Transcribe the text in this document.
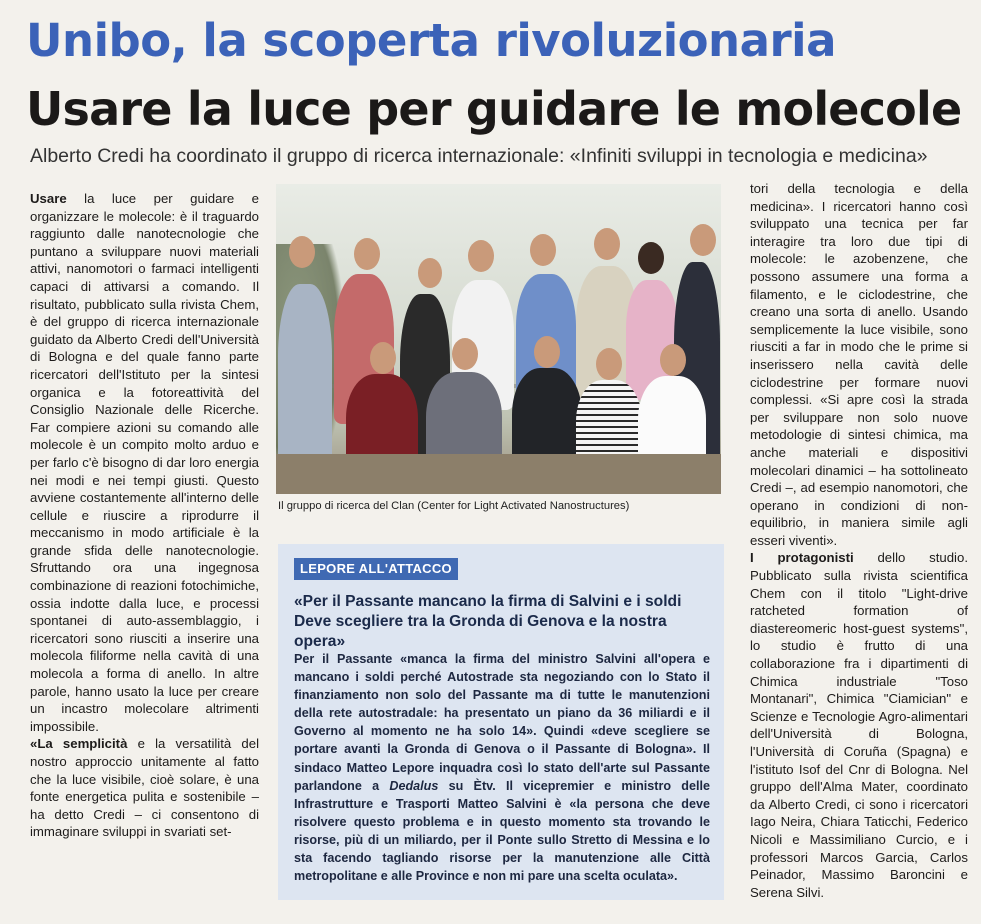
Unibo, la scoperta rivoluzionaria
Usare la luce per guidare le molecole
Alberto Credi ha coordinato il gruppo di ricerca internazionale: «Infiniti sviluppi in tecnologia e medicina»

Usare la luce per guidare e organizzare le molecole: è il traguardo raggiunto dalle nanotecnologie che puntano a sviluppare nuovi materiali attivi, nanomotori o farmaci intelligenti capaci di attivarsi a comando. Il risultato, pubblicato sulla rivista Chem, è del gruppo di ricerca internazionale guidato da Alberto Credi dell'Università di Bologna e del quale fanno parte ricercatori dell'Istituto per la sintesi organica e la fotoreattività del Consiglio Nazionale delle Ricerche. Far compiere azioni su comando alle molecole è un compito molto arduo e per farlo c'è bisogno di dar loro energia nei modi e nei tempi giusti. Questo avviene costantemente all'interno delle cellule e riuscire a riprodurre il meccanismo in modo artificiale è la grande sfida delle nanotecnologie. Sfruttando ora una ingegnosa combinazione di reazioni fotochimiche, ossia indotte dalla luce, e processi spontanei di auto-assemblaggio, i ricercatori sono riusciti a inserire una molecola filiforme nella cavità di una molecola a forma di anello. In altre parole, hanno usato la luce per creare un incastro molecolare altrimenti impossibile.

«La semplicità e la versatilità del nostro approccio unitamente al fatto che la luce visibile, cioè solare, è una fonte energetica pulita e sostenibile – ha detto Credi – ci consentono di immaginare sviluppi in svariati set-

Il gruppo di ricerca del Clan (Center for Light Activated Nanostructures)
LEPORE ALL'ATTACCO
«Per il Passante mancano la firma di Salvini e i soldi Deve scegliere tra la Gronda di Genova e la nostra opera»
Per il Passante «manca la firma del ministro Salvini all'opera e mancano i soldi perché Autostrade sta negoziando con lo Stato il finanziamento non solo del Passante ma di tutte le manutenzioni della rete autostradale: ha presentato un piano da 36 miliardi e il Governo al momento ne ha solo 14». Quindi «deve scegliere se portare avanti la Gronda di Genova o il Passante di Bologna». Il sindaco Matteo Lepore inquadra così lo stato dell'arte sul Passante parlandone a Dedalus su Ètv. Il vicepremier e ministro delle Infrastrutture e Trasporti Matteo Salvini è «la persona che deve risolvere questo problema e in questo momento sta trovando le risorse, più di un miliardo, per il Ponte sullo Stretto di Messina e lo sta facendo tagliando risorse per la manutenzione alle Città metropolitane e alle Province e non mi pare una scelta oculata».

tori della tecnologia e della medicina». I ricercatori hanno così sviluppato una tecnica per far interagire tra loro due tipi di molecole: le azobenzene, che possono assumere una forma a filamento, e le ciclodestrine, che creano una sorta di anello. Usando semplicemente la luce visibile, sono riusciti a far in modo che le prime si inserissero nella cavità delle ciclodestrine per formare nuovi complessi. «Si apre così la strada per sviluppare non solo nuove metodologie di sintesi chimica, ma anche materiali e dispositivi molecolari dinamici – ha sottolineato Credi –, ad esempio nanomotori, che operano in condizioni di non-equilibrio, in maniera simile agli esseri viventi».

I protagonisti dello studio. Pubblicato sulla rivista scientifica Chem con il titolo "Light-drive ratcheted formation of diastereomeric host-guest systems", lo studio è frutto di una collaborazione fra i dipartimenti di Chimica industriale "Toso Montanari", Chimica "Ciamician" e Scienze e Tecnologie Agro-alimentari dell'Università di Bologna, l'Università di Coruña (Spagna) e l'istituto Isof del Cnr di Bologna. Nel gruppo dell'Alma Mater, coordinato da Alberto Credi, ci sono i ricercatori Iago Neira, Chiara Taticchi, Federico Nicoli e Massimiliano Curcio, e i professori Marcos Garcia, Carlos Peinador, Massimo Baroncini e Serena Silvi.
